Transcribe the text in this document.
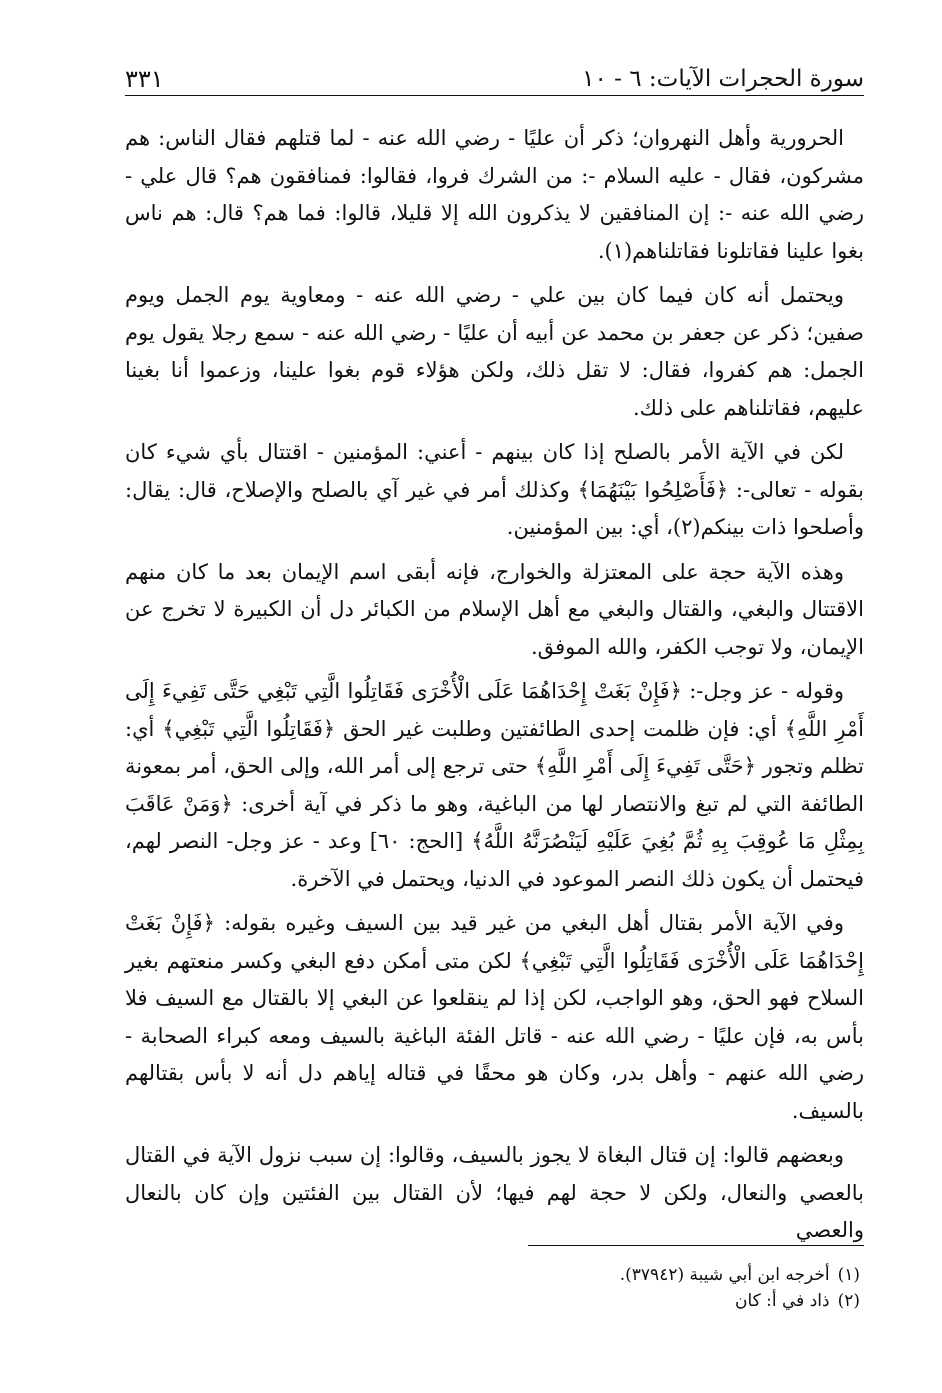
سورة الحجرات الآيات: ٦ - ١٠
٣٣١

الحرورية وأهل النهروان؛ ذكر أن عليًا - رضي الله عنه - لما قتلهم فقال الناس: هم مشركون، فقال - عليه السلام -: من الشرك فروا، فقالوا: فمنافقون هم؟ قال علي - رضي الله عنه -: إن المنافقين لا يذكرون الله إلا قليلا، قالوا: فما هم؟ قال: هم ناس بغوا علينا فقاتلونا فقاتلناهم(١).

ويحتمل أنه كان فيما كان بين علي - رضي الله عنه - ومعاوية يوم الجمل ويوم صفين؛ ذكر عن جعفر بن محمد عن أبيه أن عليًا - رضي الله عنه - سمع رجلا يقول يوم الجمل: هم كفروا، فقال: لا تقل ذلك، ولكن هؤلاء قوم بغوا علينا، وزعموا أنا بغينا عليهم، فقاتلناهم على ذلك.

لكن في الآية الأمر بالصلح إذا كان بينهم - أعني: المؤمنين - اقتتال بأي شيء كان بقوله - تعالى-: ﴿فَأَصْلِحُوا بَيْنَهُمَا﴾ وكذلك أمر في غير آي بالصلح والإصلاح، قال: يقال: وأصلحوا ذات بينكم(٢)، أي: بين المؤمنين.

وهذه الآية حجة على المعتزلة والخوارج، فإنه أبقى اسم الإيمان بعد ما كان منهم الاقتتال والبغي، والقتال والبغي مع أهل الإسلام من الكبائر دل أن الكبيرة لا تخرج عن الإيمان، ولا توجب الكفر، والله الموفق.

وقوله - عز وجل-: ﴿فَإِنْ بَغَتْ إِحْدَاهُمَا عَلَى الْأُخْرَى فَقَاتِلُوا الَّتِي تَبْغِي حَتَّى تَفِيءَ إِلَى أَمْرِ اللَّهِ﴾ أي: فإن ظلمت إحدى الطائفتين وطلبت غير الحق ﴿فَقَاتِلُوا الَّتِي تَبْغِي﴾ أي: تظلم وتجور ﴿حَتَّى تَفِيءَ إِلَى أَمْرِ اللَّهِ﴾ حتى ترجع إلى أمر الله، وإلى الحق، أمر بمعونة الطائفة التي لم تبغ والانتصار لها من الباغية، وهو ما ذكر في آية أخرى: ﴿وَمَنْ عَاقَبَ بِمِثْلِ مَا عُوقِبَ بِهِ ثُمَّ بُغِيَ عَلَيْهِ لَيَنْصُرَنَّهُ اللَّهُ﴾ [الحج: ٦٠] وعد - عز وجل- النصر لهم، فيحتمل أن يكون ذلك النصر الموعود في الدنيا، ويحتمل في الآخرة.

وفي الآية الأمر بقتال أهل البغي من غير قيد بين السيف وغيره بقوله: ﴿فَإِنْ بَغَتْ إِحْدَاهُمَا عَلَى الْأُخْرَى فَقَاتِلُوا الَّتِي تَبْغِي﴾ لكن متى أمكن دفع البغي وكسر منعتهم بغير السلاح فهو الحق، وهو الواجب، لكن إذا لم ينقلعوا عن البغي إلا بالقتال مع السيف فلا بأس به، فإن عليًا - رضي الله عنه - قاتل الفئة الباغية بالسيف ومعه كبراء الصحابة - رضي الله عنهم - وأهل بدر، وكان هو محقًا في قتاله إياهم دل أنه لا بأس بقتالهم بالسيف.

وبعضهم قالوا: إن قتال البغاة لا يجوز بالسيف، وقالوا: إن سبب نزول الآية في القتال بالعصي والنعال، ولكن لا حجة لهم فيها؛ لأن القتال بين الفئتين وإن كان بالنعال والعصي

(١)
أخرجه ابن أبي شيبة (٣٧٩٤٢).

(٢)
ذاد في أ: كان
